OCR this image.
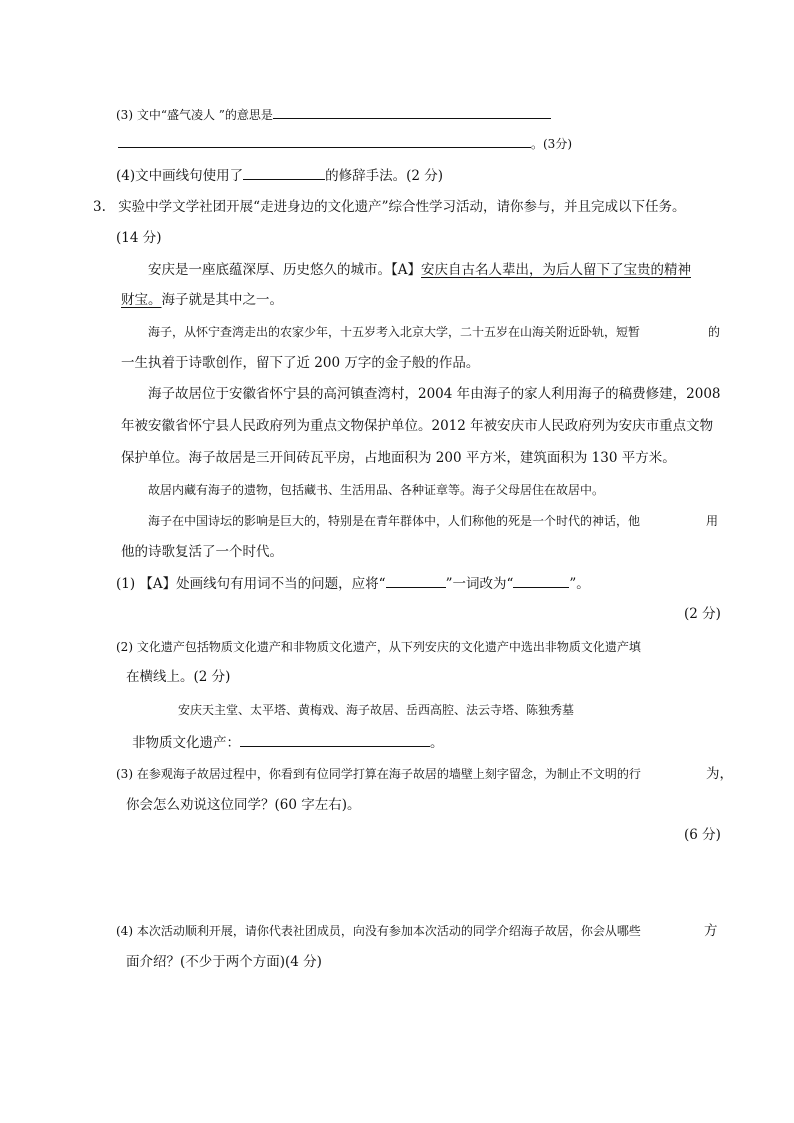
(3) 文中“盛气凌人 ”的意思是
。(3分)
(4)文中画线句使用了	的修辞手法。(2 分)
3. 实验中学文学社团开展“走进身边的文化遗产”综合性学习活动，请你参与，并且完成以下任务。
(14 分)
安庆是一座底蕴深厚、历史悠久的城市。【A】安庆自古名人辈出，为后人留下了宝贵的精神
财宝。海子就是其中之一。
海子，从怀宁查湾走出的农家少年，十五岁考入北京大学，二十五岁在山海关附近卧轨，短暂	的
一生执着于诗歌创作，留下了近 200 万字的金子般的作品。
海子故居位于安徽省怀宁县的高河镇查湾村，2004 年由海子的家人利用海子的稿费修建，2008
年被安徽省怀宁县人民政府列为重点文物保护单位。2012 年被安庆市人民政府列为安庆市重点文物
保护单位。海子故居是三开间砖瓦平房，占地面积为 200 平方米，建筑面积为 130 平方米。
故居内藏有海子的遗物，包括藏书、生活用品、各种证章等。海子父母居住在故居中。
海子在中国诗坛的影响是巨大的，特别是在青年群体中，人们称他的死是一个时代的神话，他	用
他的诗歌复活了一个时代。
(1) 【A】处画线句有用词不当的问题，应将“	”一词改为“	”。
(2 分)
(2) 文化遗产包括物质文化遗产和非物质文化遗产，从下列安庆的文化遗产中选出非物质文化遗产填
在横线上。(2 分)
安庆天主堂、太平塔、黄梅戏、海子故居、岳西高腔、法云寺塔、陈独秀墓
非物质文化遗产：	。
(3) 在参观海子故居过程中，你看到有位同学打算在海子故居的墙壁上刻字留念，为制止不文明的行	为，
你会怎么劝说这位同学？(60 字左右)。
(6 分)
(4) 本次活动顺利开展，请你代表社团成员，向没有参加本次活动的同学介绍海子故居，你会从哪些	方
面介绍？(不少于两个方面)(4 分)
